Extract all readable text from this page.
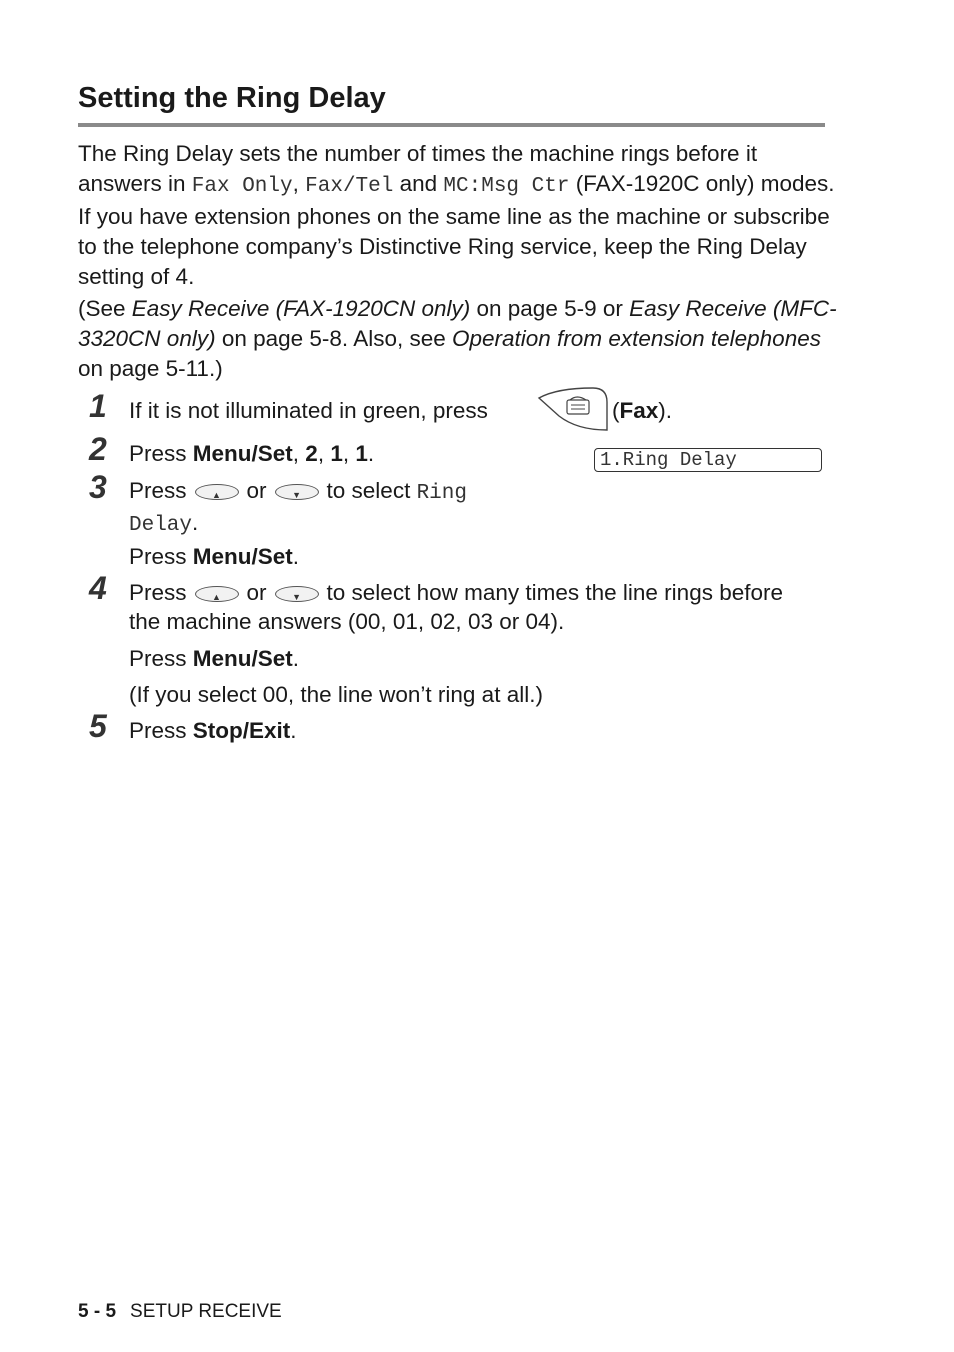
Setting the Ring Delay
The Ring Delay sets the number of times the machine rings before it answers in Fax Only, Fax/Tel and MC:Msg Ctr (FAX-1920C only) modes. If you have extension phones on the same line as the machine or subscribe to the telephone company’s Distinctive Ring service, keep the Ring Delay setting of 4.
(See Easy Receive (FAX-1920CN only) on page 5-9 or Easy Receive (MFC-3320CN only) on page 5-8. Also, see Operation from extension telephones on page 5-11.)
1 If it is not illuminated in green, press	(Fax).
2 Press Menu/Set, 2, 1, 1.	1.Ring Delay
3 Press	▲	or	▼	to select Ring Delay.
Press Menu/Set.
4 Press	▲	or	▼	to select how many times the line rings before the machine answers (00, 01, 02, 03 or 04).
Press Menu/Set.
(If you select 00, the line won’t ring at all.)
5 Press Stop/Exit.
5 - 5 SETUP RECEIVE
